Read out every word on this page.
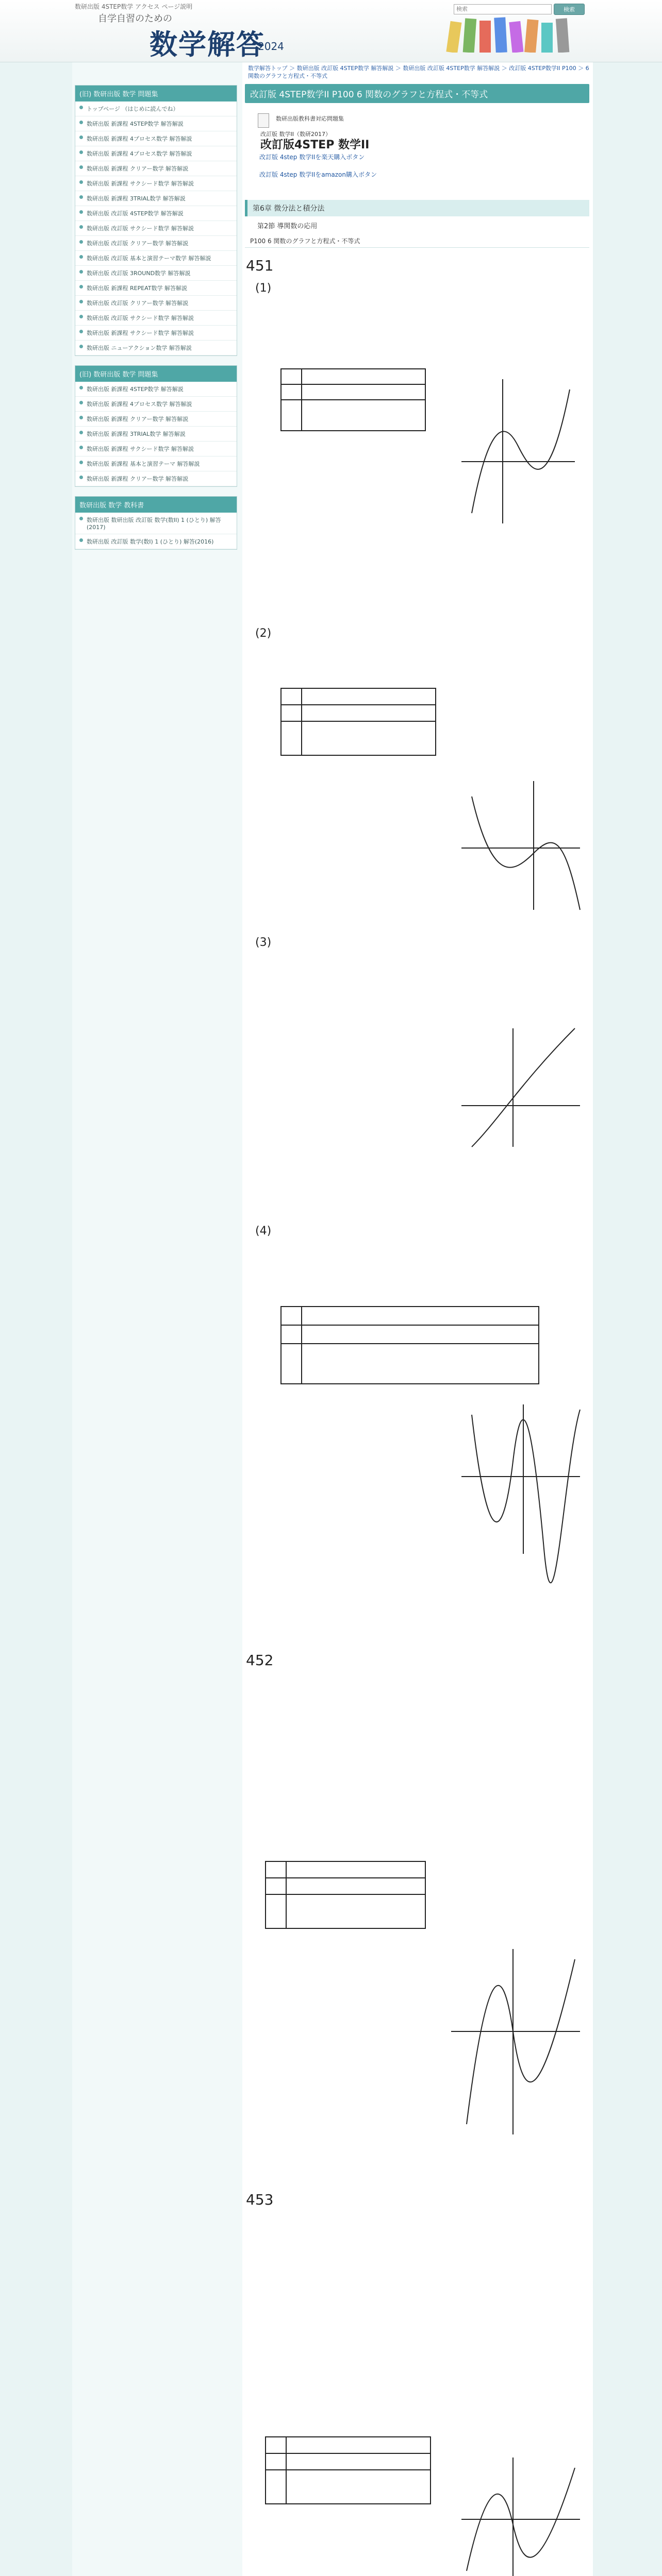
数研出版 4STEP数学 アクセス ページ説明
自学自習のための
数学解答
2024
検索
検索
(旧) 数研出版 数学 問題集
トップページ （はじめに読んでね）
数研出版 新課程 4STEP数学 解答解説
数研出版 新課程 4プロセス数学 解答解説
数研出版 新課程 4プロセス数学 解答解説
数研出版 新課程 クリアー数学 解答解説
数研出版 新課程 サクシード数学 解答解説
数研出版 新課程 3TRIAL数学 解答解説
数研出版 改訂版 4STEP数学 解答解説
数研出版 改訂版 サクシード数学 解答解説
数研出版 改訂版 クリアー数学 解答解説
数研出版 改訂版 基本と演習テーマ数学 解答解説
数研出版 改訂版 3ROUND数学 解答解説
数研出版 新課程 REPEAT数学 解答解説
数研出版 改訂版 クリアー数学 解答解説
数研出版 改訂版 サクシード数学 解答解説
数研出版 新課程 サクシード数学 解答解説
数研出版 ニューアクション数学 解答解説
(旧) 数研出版 数学 問題集
数研出版 新課程 4STEP数学 解答解説
数研出版 新課程 4プロセス数学 解答解説
数研出版 新課程 クリアー数学 解答解説
数研出版 新課程 3TRIAL数学 解答解説
数研出版 新課程 サクシード数学 解答解説
数研出版 新課程 基本と演習テーマ 解答解説
数研出版 新課程 クリアー数学 解答解説
数研出版 数学 教科書
数研出版 数研出版 改訂版 数学(数II) 1 (ひとり) 解答(2017)
数研出版 改訂版 数学(数I) 1 (ひとり) 解答(2016)
数学解答トップ ＞ 数研出版 改訂版 4STEP数学 解答解説 ＞ 数研出版 改訂版 4STEP数学 解答解説 ＞ 改訂版 4STEP数学II P100 ＞ 6 関数のグラフと方程式・不等式
改訂版 4STEP数学II P100 6 関数のグラフと方程式・不等式
数研出版教科書対応問題集
改訂版 数学II（数研2017）
改訂版4STEP 数学II
改訂版 4step 数学IIを楽天購入ボタン
改訂版 4step 数学IIをamazon購入ボタン
第6章 微分法と積分法
第2節 導関数の応用
P100 6 関数のグラフと方程式・不等式
451
(1)
(2)
(3)
(4)
452
453
